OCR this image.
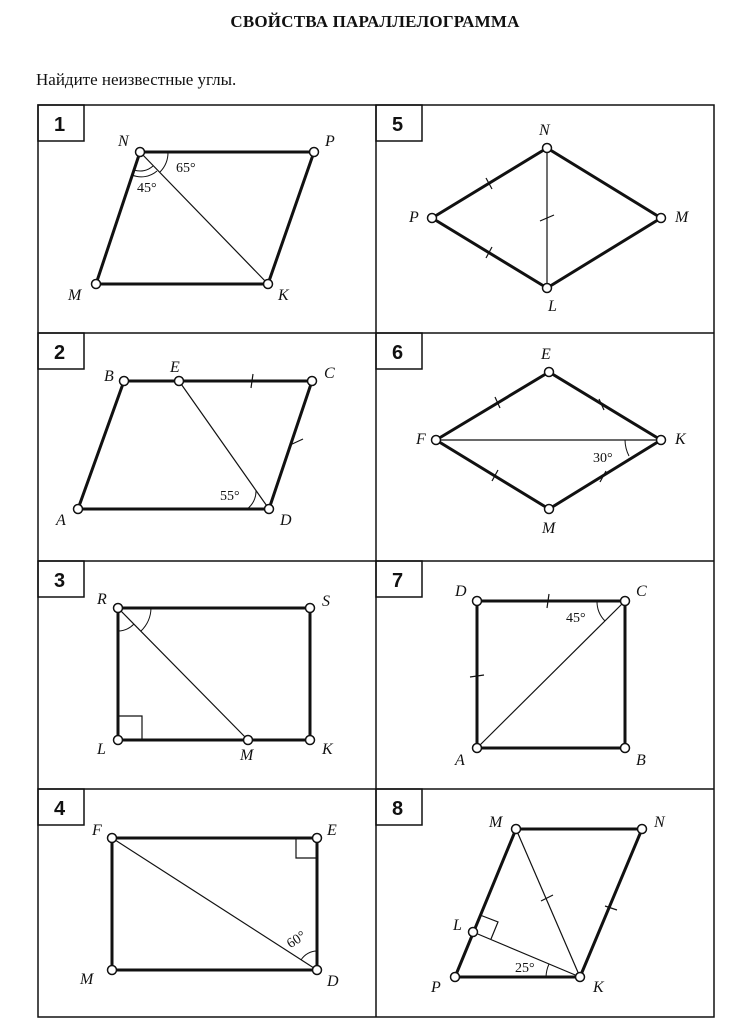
СВОЙСТВА ПАРАЛЛЕЛОГРАММА
Найдите неизвестные углы.
1
N	P
K
M
65°
45°
2
B
E	C
A	D
55°
3
R	S
L	M	K
4
F	E
M	D
60°
5	N
P	M
L
6	E
F	K
M
30°
7	D	C
A	B
45°
8
M	N
L
P	K
25°
